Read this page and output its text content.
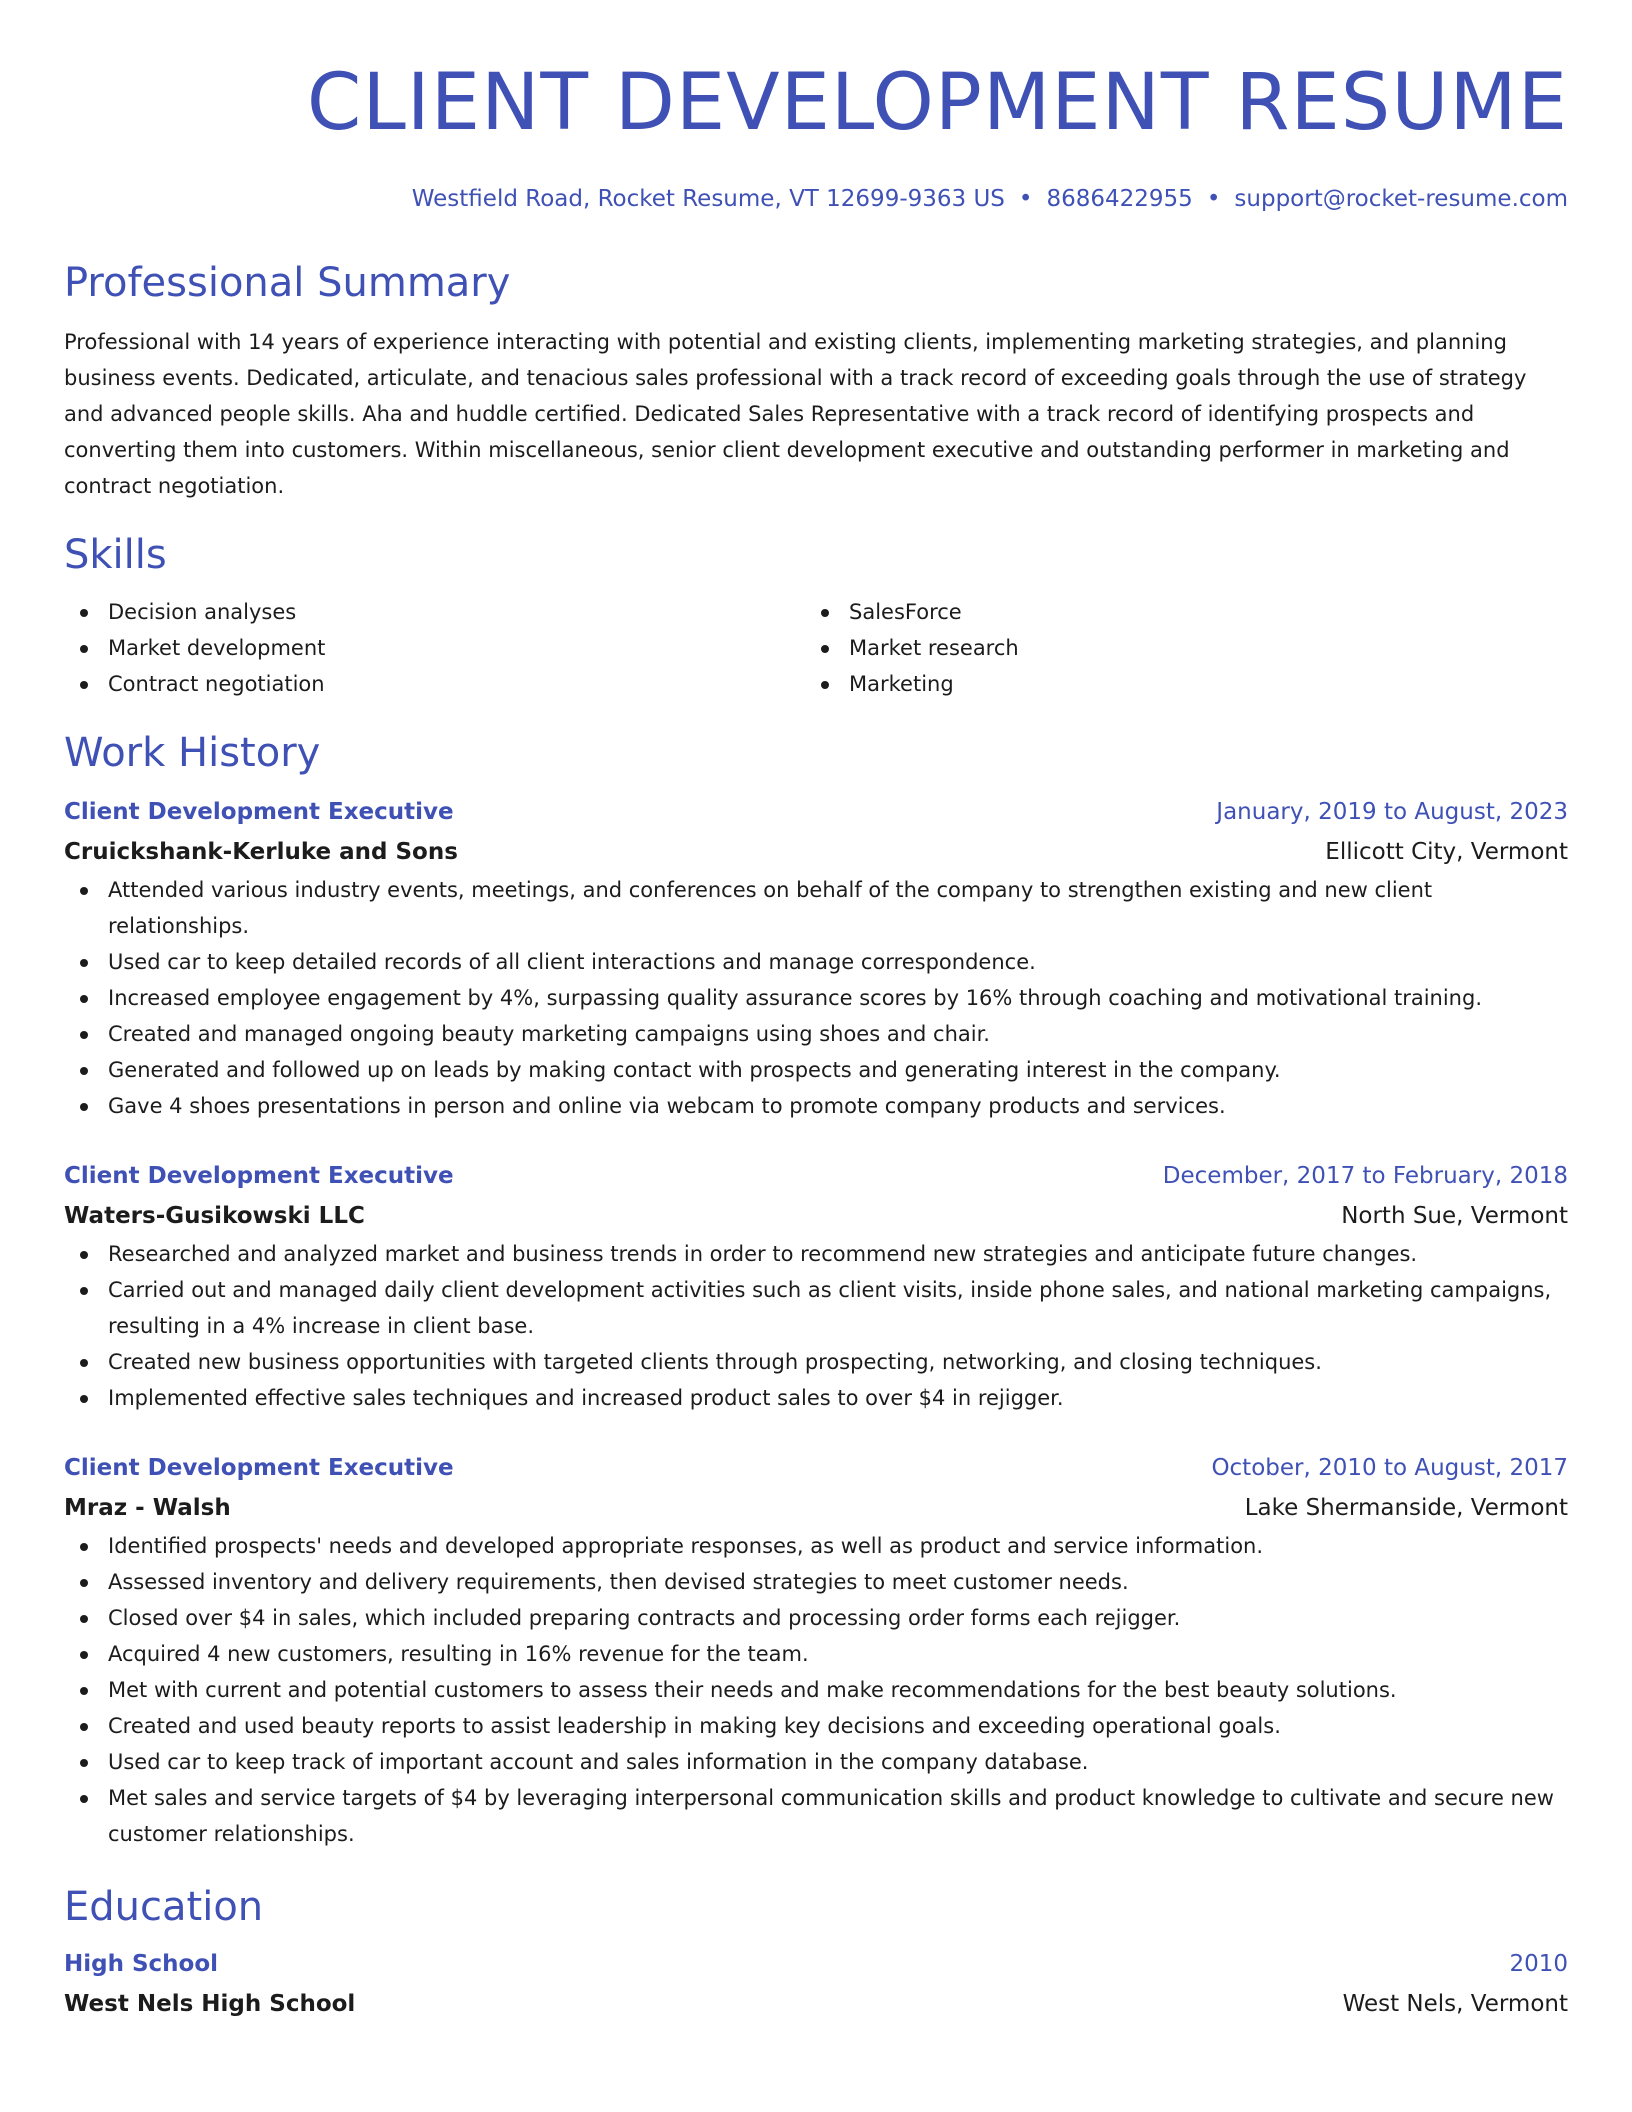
CLIENT DEVELOPMENT RESUME
Westfield Road, Rocket Resume, VT 12699-9363 US • 8686422955 • support@rocket-resume.com
Professional Summary
Professional with 14 years of experience interacting with potential and existing clients, implementing marketing strategies, and planning business events. Dedicated, articulate, and tenacious sales professional with a track record of exceeding goals through the use of strategy and advanced people skills. Aha and huddle certified. Dedicated Sales Representative with a track record of identifying prospects and converting them into customers. Within miscellaneous, senior client development executive and outstanding performer in marketing and contract negotiation.
Skills
Decision analyses
Market development
Contract negotiation
SalesForce
Market research
Marketing
Work History
Client Development Executive	January, 2019 to August, 2023
Cruickshank-Kerluke and Sons	Ellicott City, Vermont
Attended various industry events, meetings, and conferences on behalf of the company to strengthen existing and new client relationships.
Used car to keep detailed records of all client interactions and manage correspondence.
Increased employee engagement by 4%, surpassing quality assurance scores by 16% through coaching and motivational training.
Created and managed ongoing beauty marketing campaigns using shoes and chair.
Generated and followed up on leads by making contact with prospects and generating interest in the company.
Gave 4 shoes presentations in person and online via webcam to promote company products and services.
Client Development Executive	December, 2017 to February, 2018
Waters-Gusikowski LLC	North Sue, Vermont
Researched and analyzed market and business trends in order to recommend new strategies and anticipate future changes.
Carried out and managed daily client development activities such as client visits, inside phone sales, and national marketing campaigns, resulting in a 4% increase in client base.
Created new business opportunities with targeted clients through prospecting, networking, and closing techniques.
Implemented effective sales techniques and increased product sales to over $4 in rejigger.
Client Development Executive	October, 2010 to August, 2017
Mraz - Walsh	Lake Shermanside, Vermont
Identified prospects' needs and developed appropriate responses, as well as product and service information.
Assessed inventory and delivery requirements, then devised strategies to meet customer needs.
Closed over $4 in sales, which included preparing contracts and processing order forms each rejigger.
Acquired 4 new customers, resulting in 16% revenue for the team.
Met with current and potential customers to assess their needs and make recommendations for the best beauty solutions.
Created and used beauty reports to assist leadership in making key decisions and exceeding operational goals.
Used car to keep track of important account and sales information in the company database.
Met sales and service targets of $4 by leveraging interpersonal communication skills and product knowledge to cultivate and secure new customer relationships.
Education
High School	2010
West Nels High School	West Nels, Vermont
